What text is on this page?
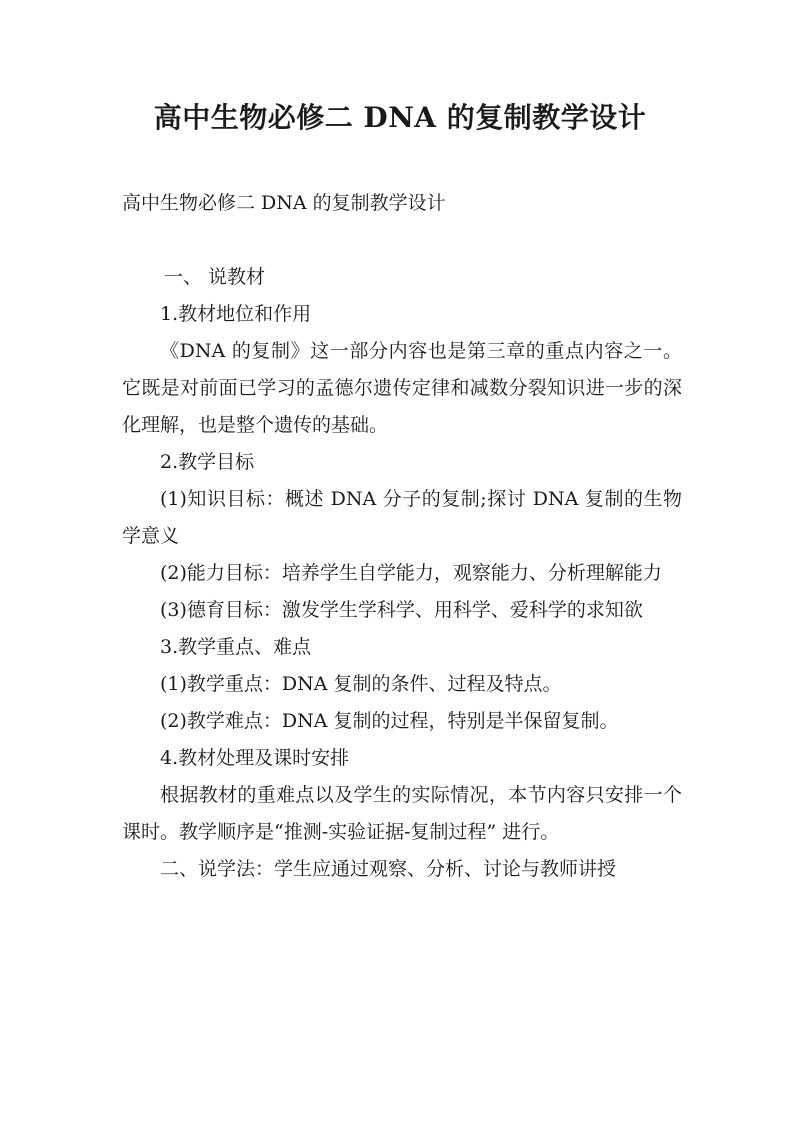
高中生物必修二 DNA 的复制教学设计
高中生物必修二 DNA 的复制教学设计

一、 说教材

1.教材地位和作用

《DNA 的复制》这一部分内容也是第三章的重点内容之一。它既是对前面已学习的孟德尔遗传定律和减数分裂知识进一步的深化理解，也是整个遗传的基础。

2.教学目标

(1)知识目标：概述 DNA 分子的复制;探讨 DNA 复制的生物学意义

(2)能力目标：培养学生自学能力，观察能力、分析理解能力

(3)德育目标：激发学生学科学、用科学、爱科学的求知欲

3.教学重点、难点

(1)教学重点：DNA 复制的条件、过程及特点。

(2)教学难点：DNA 复制的过程，特别是半保留复制。

4.教材处理及课时安排

根据教材的重难点以及学生的实际情况，本节内容只安排一个课时。教学顺序是“推测-实验证据-复制过程” 进行。

二、说学法：学生应通过观察、分析、讨论与教师讲授
